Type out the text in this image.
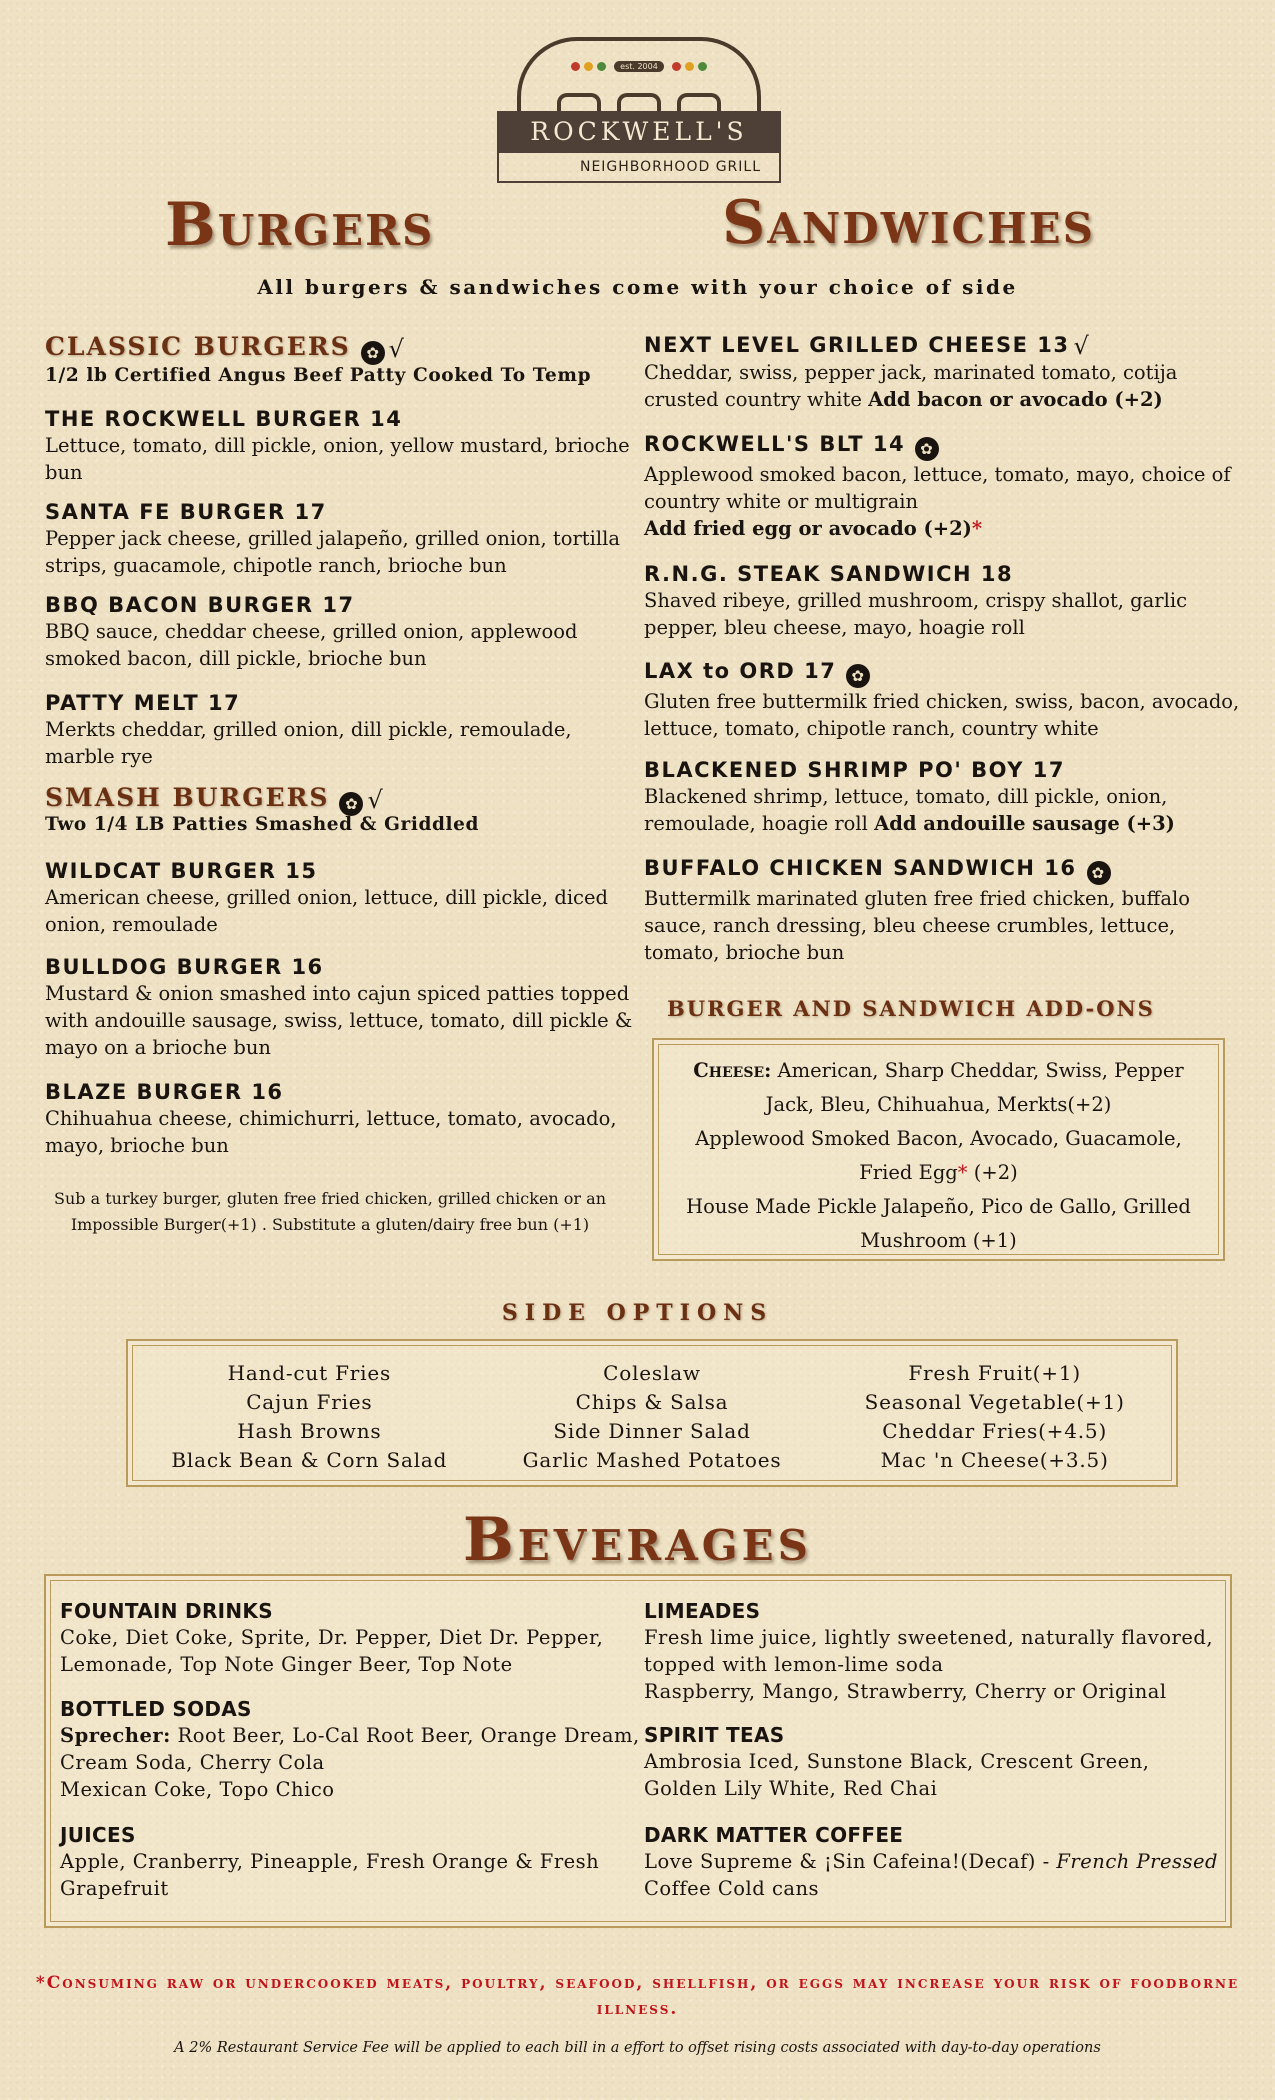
est. 2004
ROCKWELL'S
NEIGHBORHOOD GRILL
Burgers	Sandwiches
All burgers & sandwiches come with your choice of side
CLASSIC BURGERS ✿ √
1/2 lb Certified Angus Beef Patty Cooked To Temp
THE ROCKWELL BURGER 14
Lettuce, tomato, dill pickle, onion, yellow mustard, brioche bun
SANTA FE BURGER 17
Pepper jack cheese, grilled jalapeño, grilled onion, tortilla strips, guacamole, chipotle ranch, brioche bun
BBQ BACON BURGER 17
BBQ sauce, cheddar cheese, grilled onion, applewood smoked bacon, dill pickle, brioche bun
PATTY MELT 17
Merkts cheddar, grilled onion, dill pickle, remoulade, marble rye
SMASH BURGERS ✿ √
Two 1/4 LB Patties Smashed & Griddled
WILDCAT BURGER 15
American cheese, grilled onion, lettuce, dill pickle, diced onion, remoulade
BULLDOG BURGER 16
Mustard & onion smashed into cajun spiced patties topped with andouille sausage, swiss, lettuce, tomato, dill pickle & mayo on a brioche bun
BLAZE BURGER 16
Chihuahua cheese, chimichurri, lettuce, tomato, avocado, mayo, brioche bun
Sub a turkey burger, gluten free fried chicken, grilled chicken or an Impossible Burger(+1) . Substitute a gluten/dairy free bun (+1)
NEXT LEVEL GRILLED CHEESE 13 √
Cheddar, swiss, pepper jack, marinated tomato, cotija crusted country white Add bacon or avocado (+2)
ROCKWELL'S BLT 14 ✿
Applewood smoked bacon, lettuce, tomato, mayo, choice of country white or multigrain
Add fried egg or avocado (+2)*
R.N.G. STEAK SANDWICH 18
Shaved ribeye, grilled mushroom, crispy shallot, garlic pepper, bleu cheese, mayo, hoagie roll
LAX to ORD 17 ✿
Gluten free buttermilk fried chicken, swiss, bacon, avocado, lettuce, tomato, chipotle ranch, country white
BLACKENED SHRIMP PO' BOY 17
Blackened shrimp, lettuce, tomato, dill pickle, onion, remoulade, hoagie roll Add andouille sausage (+3)
BUFFALO CHICKEN SANDWICH 16 ✿
Buttermilk marinated gluten free fried chicken, buffalo sauce, ranch dressing, bleu cheese crumbles, lettuce, tomato, brioche bun
BURGER AND SANDWICH ADD-ONS
Cheese: American, Sharp Cheddar, Swiss, Pepper Jack, Bleu, Chihuahua, Merkts(+2)
Applewood Smoked Bacon, Avocado, Guacamole, Fried Egg* (+2)
House Made Pickle Jalapeño, Pico de Gallo, Grilled Mushroom (+1)
SIDE OPTIONS
Hand-cut Fries
Cajun Fries
Hash Browns
Black Bean & Corn Salad
Coleslaw
Chips & Salsa
Side Dinner Salad
Garlic Mashed Potatoes
Fresh Fruit(+1)
Seasonal Vegetable(+1)
Cheddar Fries(+4.5)
Mac 'n Cheese(+3.5)
Beverages
FOUNTAIN DRINKS
Coke, Diet Coke, Sprite, Dr. Pepper, Diet Dr. Pepper, Lemonade, Top Note Ginger Beer, Top Note
BOTTLED SODAS
Sprecher: Root Beer, Lo-Cal Root Beer, Orange Dream, Cream Soda, Cherry Cola
Mexican Coke, Topo Chico
JUICES
Apple, Cranberry, Pineapple, Fresh Orange & Fresh Grapefruit
LIMEADES
Fresh lime juice, lightly sweetened, naturally flavored, topped with lemon-lime soda
Raspberry, Mango, Strawberry, Cherry or Original
SPIRIT TEAS
Ambrosia Iced, Sunstone Black, Crescent Green, Golden Lily White, Red Chai
DARK MATTER COFFEE
Love Supreme & ¡Sin Cafeina!(Decaf) - French Pressed
Coffee Cold cans
*Consuming raw or undercooked meats, poultry, seafood, shellfish, or eggs may increase your risk of foodborne illness.
A 2% Restaurant Service Fee will be applied to each bill in a effort to offset rising costs associated with day-to-day operations
